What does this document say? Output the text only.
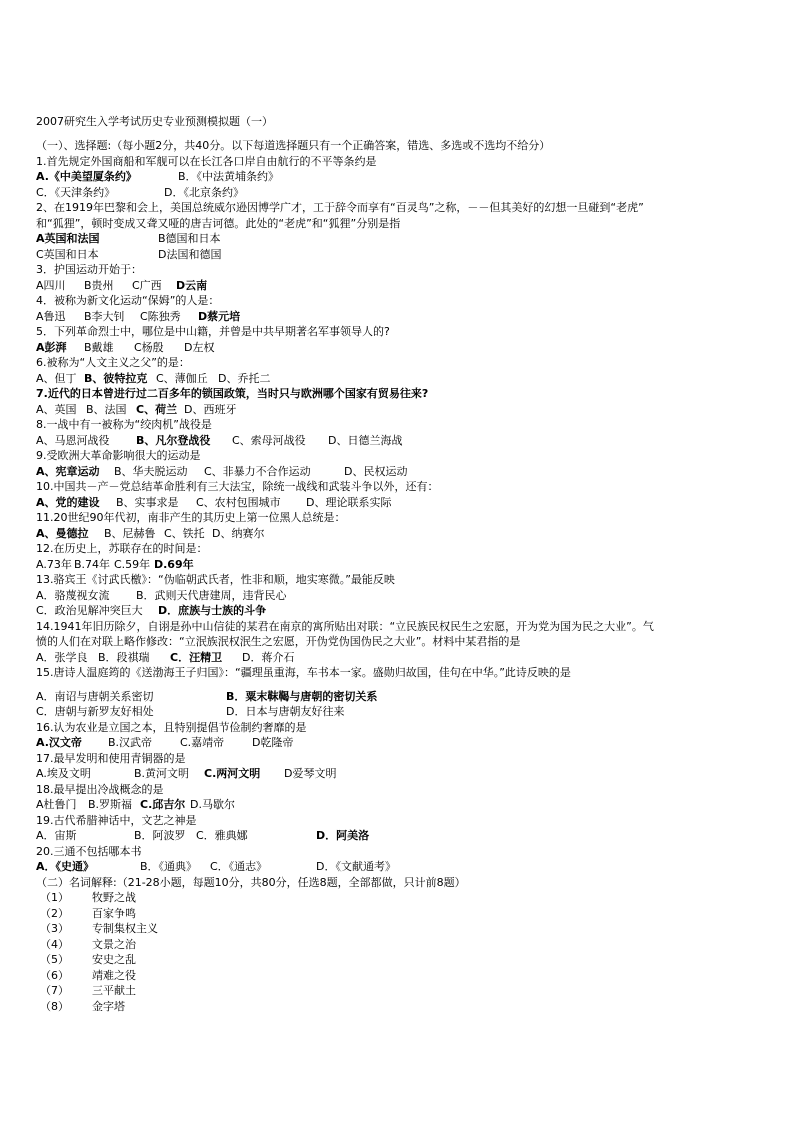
2007研究生入学考试历史专业预测模拟题（一）
（一）、选择题:（每小题2分，共40分。以下每道选择题只有一个正确答案，错选、多选或不选均不给分）
1.首先规定外国商船和军舰可以在长江各口岸自由航行的不平等条约是
A.《中美望厦条约》	B．《中法黄埔条约》
C．《天津条约》	D．《北京条约》
2、在1919年巴黎和会上，美国总统威尔逊因博学广才，工于辞令而享有“百灵鸟”之称，－－但其美好的幻想一旦碰到“老虎”
和“狐狸”，顿时变成又聋又哑的唐吉诃德。此处的“老虎”和“狐狸”分别是指
A英国和法国	B德国和日本
C英国和日本	D法国和德国
3．护国运动开始于：
A四川 B贵州 C广西 D云南
4．被称为新文化运动“保姆”的人是：
A鲁迅 B李大钊 C陈独秀 D蔡元培
5．下列革命烈士中，哪位是中山籍，并曾是中共早期著名军事领导人的?
A彭湃 B戴雄 C杨殷 D左权
6.被称为“人文主义之父”的是：
A、但丁 B、彼特拉克 C、薄伽丘 D、乔托二
7.近代的日本曾进行过二百多年的锁国政策，当时只与欧洲哪个国家有贸易往来?
A、英国 B、法国 C、荷兰 D、西班牙
8.一战中有一被称为“绞肉机”战役是
A、马恩河战役 B、凡尔登战役 C、索母河战役 D、日德兰海战
9.受欧洲大革命影响很大的运动是
A、宪章运动 B、华夫脱运动 C、非暴力不合作运动	D、民权运动
10.中国共－产－党总结革命胜利有三大法宝，除统一战线和武装斗争以外，还有：
A、党的建设 B、实事求是 C、农村包围城市 D、理论联系实际
11.20世纪90年代初，南非产生的其历史上第一位黑人总统是：
A、曼德拉 B、尼赫鲁 C、铁托 D、纳赛尔
12.在历史上，苏联存在的时间是：
A.73年 B.74年 C.59年 D.69年
13.骆宾王《讨武氏檄》：“伪临朝武氏者，性非和顺，地实寒微。”最能反映
A．骆蔑视女流 B．武则天代唐建周，违背民心
C．政治见解冲突巨大 D．庶族与士族的斗争
14.1941年旧历除夕，自诩是孙中山信徒的某君在南京的寓所贴出对联：“立民族民权民生之宏愿，开为党为国为民之大业”。气
愤的人们在对联上略作修改：“立泯族泯权泯生之宏愿，开伪党伪国伪民之大业”。材料中某君指的是
A．张学良 B．段祺瑞 C．汪精卫 D．蒋介石
15.唐诗人温庭筠的《送渤海王子归国》：“疆理虽重海，车书本一家。盛勋归故国，佳句在中华。”此诗反映的是
A．南诏与唐朝关系密切	B．粟末靺鞨与唐朝的密切关系
C．唐朝与新罗友好相处	D．日本与唐朝友好往来
16.认为农业是立国之本，且特别提倡节俭制约奢靡的是
A.汉文帝 B.汉武帝	C.嘉靖帝	D乾隆帝
17.最早发明和使用青铜器的是
A.埃及文明	B.黄河文明 C.两河文明 D爱琴文明
18.最早提出冷战概念的是
A杜鲁门 B.罗斯福 C.邱吉尔 D.马歇尔
19.古代希腊神话中，文艺之神是
A．宙斯	B．阿波罗 C．雅典娜	D．阿美洛
20.三通不包括哪本书
A．《史通》	B．《通典》 C．《通志》	D．《文献通考》
（二）名词解释:（21-28小题，每题10分，共80分，任选8题，全部都做，只计前8题）
（1）	牧野之战
（2）	百家争鸣
（3）	专制集权主义
（4）	文景之治
（5）	安史之乱
（6）	靖难之役
（7）	三平献土
（8）	金字塔
